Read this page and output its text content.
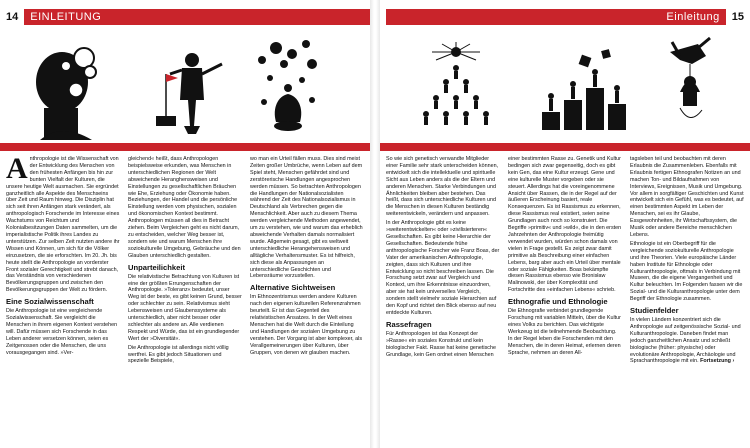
14	EINLEITUNG

Anthropologie ist die Wissenschaft von der Entwicklung des Menschen von den frühesten Anfängen bis hin zur bunten Vielfalt der Kulturen, die unsere heutige Welt ausmachen. Sie ergründet ganzheitlich alle Aspekte des Menschseins über Zeit und Raum hinweg. Die Disziplin hat sich seit ihren Anfängen stark verändert, als anthropologisch Forschende im Interesse eines Wachstums von Reichtum und Kolonialbesitzungen Daten sammelten, um die imperialistische Politik ihres Landes zu unterstützen. Zur selben Zeit nutzten andere ihr Wissen und Können, um sich für die Völker einzusetzen, die sie erforschten. Im 20. Jh. bis heute stellt die Anthropologie an vorderster Front sozialer Gerechtigkeit und strebt danach, das Verständnis von verschiedenen Bevölkerungsgruppen und zwischen den Bevölkerungsgruppen der Welt zu fördern.

Eine Sozialwissenschaft

Die Anthropologie ist eine vergleichende Sozialwissenschaft. Sie vergleicht die Menschen in ihrem eigenen Kontext verstehen will. Dafür müssen sich Forschende in das Leben anderer versetzen können, seien es Zeitgenossen oder die Menschen, die uns vorausgegangen sind. »Ver-

gleichend« heißt, dass Anthropologen beispielsweise erkunden, was Menschen in unterschiedlichen Regionen der Welt abweichende Heranghensweisen und Einstellungen zu gesellschaftlichen Bräuchen wie Ehe, Erziehung oder Ökonomie haben. Beziehungen, der Handel und die persönliche Einstellung werden vom physischen, sozialen und ökonomischen Kontext bestimmt. Anthropologen müssen all dies in Betracht ziehen. Beim Vergleichen geht es nicht darum, zu entscheiden, welcher Weg besser ist, sondern wie und warum Menschen ihre soziokulturelle Umgebung, Gebräuche und den Glauben unterschiedlich gestalten.

Unparteilichkeit

Die relativistische Betrachtung von Kulturen ist eine der größten Errungenschaften der Anthropologie. »Toleranz« bedeutet, unser Weg ist der beste, es gibt keinen Grund, besser oder schlechter zu sein. Relativismus sieht Lebensweisen und Glaubenssysteme als unterschiedlich, aber nicht besser oder schlechter als andere an. Alle verdienen Respekt und Würde, das ist ein grundlegender Wert der »Diversität«.

Die Anthropologie ist allerdings nicht völlig wertfrei. Es gibt jedoch Situationen und spezielle Beispiele,

wo man ein Urteil fällen muss. Dies sind meist Zeiten großer Umbrüche, wenn Leben auf dem Spiel steht, Menschen gefährdet sind und zerstörerische Handlungen angesprochen werden müssen. So betrachten Anthropologen die Handlungen der Nationalsozialisten während der Zeit des Nationalsozialismus in Deutschland als Verbrechen gegen die Menschlichkeit. Aber auch zu diesem Thema werden vergleichende Methoden angewendet, um zu verstehen, wie und warum das erheblich abweichende Verhalten damals normalisiert wurde. Allgemein gesagt, gibt es weltweit unterschiedliche Herangehensweisen und alltägliche Verhaltensmuster. Es ist hilfreich, sich diese als Anpassungen an unterschiedliche Geschichten und Lebensräume vorzustellen.

Alternative Sichtweisen

Im Ethnozentrismus werden andere Kulturen nach den eigenen kulturellen Referenzrahmen beurteilt. Er ist das Gegenteil des relativistischen Ansatzes. In der Welt eines Menschen hat die Welt durch die Einteilung und Handlungen der sozialen Umgebung zu verstehen. Der Vorgang ist aber komplexer, als Verallgemeinerungen über Kulturen, über Gruppen, von denen wir glauben machen.

Einleitung	15

So wie sich genetisch verwandte Mitglieder einer Familie sehr stark unterscheiden können, entwickelt sich die intellektuelle und spirituelle Sicht aus Leben anders als die der Eltern und anderen Menschen. Starke Verbindungen und Ähnlichkeiten bleiben aber bestehen. Das heißt, dass sich unterschiedliche Kulturen und die Menschen in diesen Kulturen beständig weiterentwickeln, verändern und anpassen.

In der Anthropologie gibt es keine »weiterentwickelten« oder »zivilisierteren« Gesellschaften. Es gibt keine Hierarchie der Gesellschaften. Bedeutende frühe anthropologische Forscher wie Franz Boas, der Vater der amerikanischen Anthropologie, zeigten, dass sich Kulturen und ihre Entwicklung so nicht beschreiben lassen. Die Forschung setzt zwar auf Vergleich und Kontext, um ihre Erkenntnisse einzuordnen, aber sie hat kein universelles Vergleich, sondern stellt vielmehr soziale Hierarchien auf den Kopf und richtet den Blick ebenso auf neu entdeckte Kulturen.

Rassefragen

Für Anthropologen ist das Konzept der »Rasse« ein soziales Konstrukt und kein biologischer Fakt. Rasse hat keine genetische Grundlage, kein Gen ordnet einen Menschen

einer bestimmten Rasse zu. Genetik und Kultur bedingen sich zwar gegenseitig, doch es gibt kein Gen, das eine Kultur erzeugt. Gene und eine kulturelle Muster vorgeben oder sie steuert. Allerdings hat die voreingenommene Ansicht über Rassen, die in der Regel auf der äußeren Erscheinung basiert, reale Konsequenzen. Es ist Rassismus zu erkennen, diese Rassismus real existiert, seien seine Grundlagen auch noch so konstruiert. Die Begriffe »primitiv« und »wild«, die in den ersten Jahrzehnten der Anthropologie freimütig verwendet wurden, würden schon damals von vielen in Frage gestellt. Es zeigt zwar damit primitive als Beschreibung einer einfachen Lebens, barg aber auch ein Urteil über mentale oder soziale Fähigkeiten. Boas bekämpfte diesen Rassismus ebenso wie Bronisław Malinowski, der über Komplexität und Fortschritte des »einfachen Lebens« schrieb.

Ethnografie und Ethnologie

Die Ethnografie verbindet grundlegende Forschung mit variablen Mitteln, über die Kultur eines Volks zu berichten. Das wichtigste Werkzeug ist die teilnehmende Beobachtung. In der Regel leben die Forschenden mit den Menschen, die in deren Heimat, erlernen deren Sprache, nehmen an deren All-

tagsleben teil und beobachten mit deren Erlaubnis die Zusammenleben. Ebenfalls mit Erlaubnis fertigen Ethnografen Notizen an und machen Ton- und Bildaufnahmen von Interviews, Ereignissen, Musik und Umgebung. Vor allem in sorgfältiger Geschichten und Kunst entwickelt sich ein Gefühl, was es bedeutet, auf einen bestimmten Aspekt im Leben der Menschen, sei es ihr Glaube, Essgewohnheiten, ihr Wirtschaftssystem, die Musik oder andere Bereiche menschlichen Lebens.

Ethnologie ist ein Oberbegriff für die vergleichende soziokulturelle Anthropologie und ihre Theorien. Viele europäische Länder haben Institute für Ethnologie oder Kulturanthropologie, oftmals in Verbindung mit Museen, die die eigene Vergangenheit und Kultur beleuchten. Im Folgenden fassen wir die Sozial- und die Kulturanthropologie unter dem Begriff der Ethnologie zusammen.

Studienfelder

In vielen Ländern konzentriert sich die Anthropologie auf zeitgenössische Sozial- und Kulturanthropologie. Daneben findet man jedoch ganzheitlichen Ansatz und schließt biologische (früher: physische) oder evolutionäre Anthropologie, Archäologie und Sprachanthropologie mit ein. Fortsetzung ›
